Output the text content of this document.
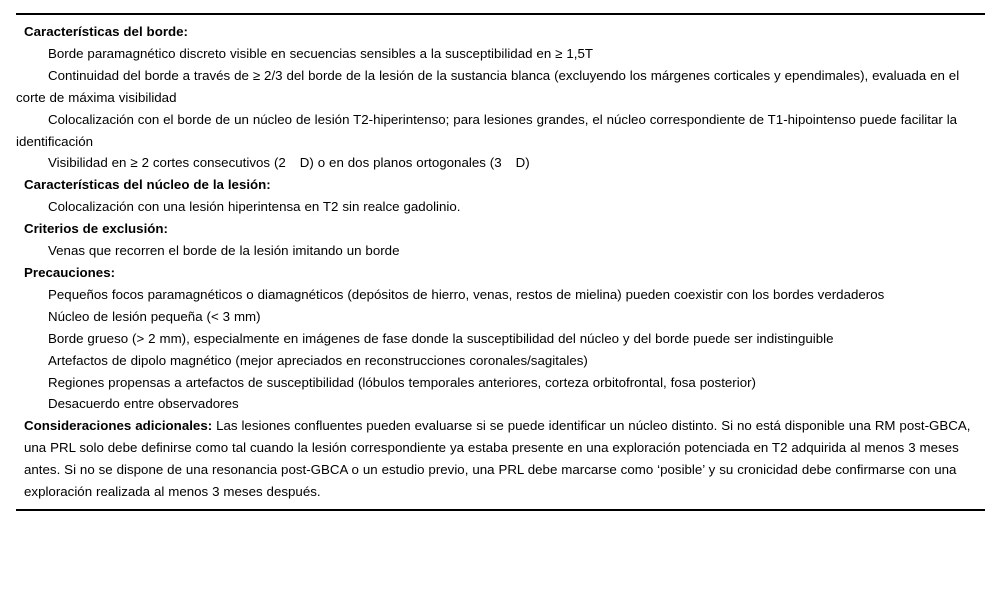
Características del borde:
Borde paramagnético discreto visible en secuencias sensibles a la susceptibilidad en ≥ 1,5T
Continuidad del borde a través de ≥ 2/3 del borde de la lesión de la sustancia blanca (excluyendo los márgenes corticales y ependimales), evaluada en el corte de máxima visibilidad
Colocalización con el borde de un núcleo de lesión T2-hiperintenso; para lesiones grandes, el núcleo correspondiente de T1-hipointenso puede facilitar la identificación
Visibilidad en ≥ 2 cortes consecutivos (2 D) o en dos planos ortogonales (3 D)
Características del núcleo de la lesión:
Colocalización con una lesión hiperintensa en T2 sin realce gadolinio.
Criterios de exclusión:
Venas que recorren el borde de la lesión imitando un borde
Precauciones:
Pequeños focos paramagnéticos o diamagnéticos (depósitos de hierro, venas, restos de mielina) pueden coexistir con los bordes verdaderos
Núcleo de lesión pequeña (< 3 mm)
Borde grueso (> 2 mm), especialmente en imágenes de fase donde la susceptibilidad del núcleo y del borde puede ser indistinguible
Artefactos de dipolo magnético (mejor apreciados en reconstrucciones coronales/sagitales)
Regiones propensas a artefactos de susceptibilidad (lóbulos temporales anteriores, corteza orbitofrontal, fosa posterior)
Desacuerdo entre observadores
Consideraciones adicionales: Las lesiones confluentes pueden evaluarse si se puede identificar un núcleo distinto. Si no está disponible una RM post-GBCA, una PRL solo debe definirse como tal cuando la lesión correspondiente ya estaba presente en una exploración potenciada en T2 adquirida al menos 3 meses antes. Si no se dispone de una resonancia post-GBCA o un estudio previo, una PRL debe marcarse como ‘posible’ y su cronicidad debe confirmarse con una exploración realizada al menos 3 meses después.
